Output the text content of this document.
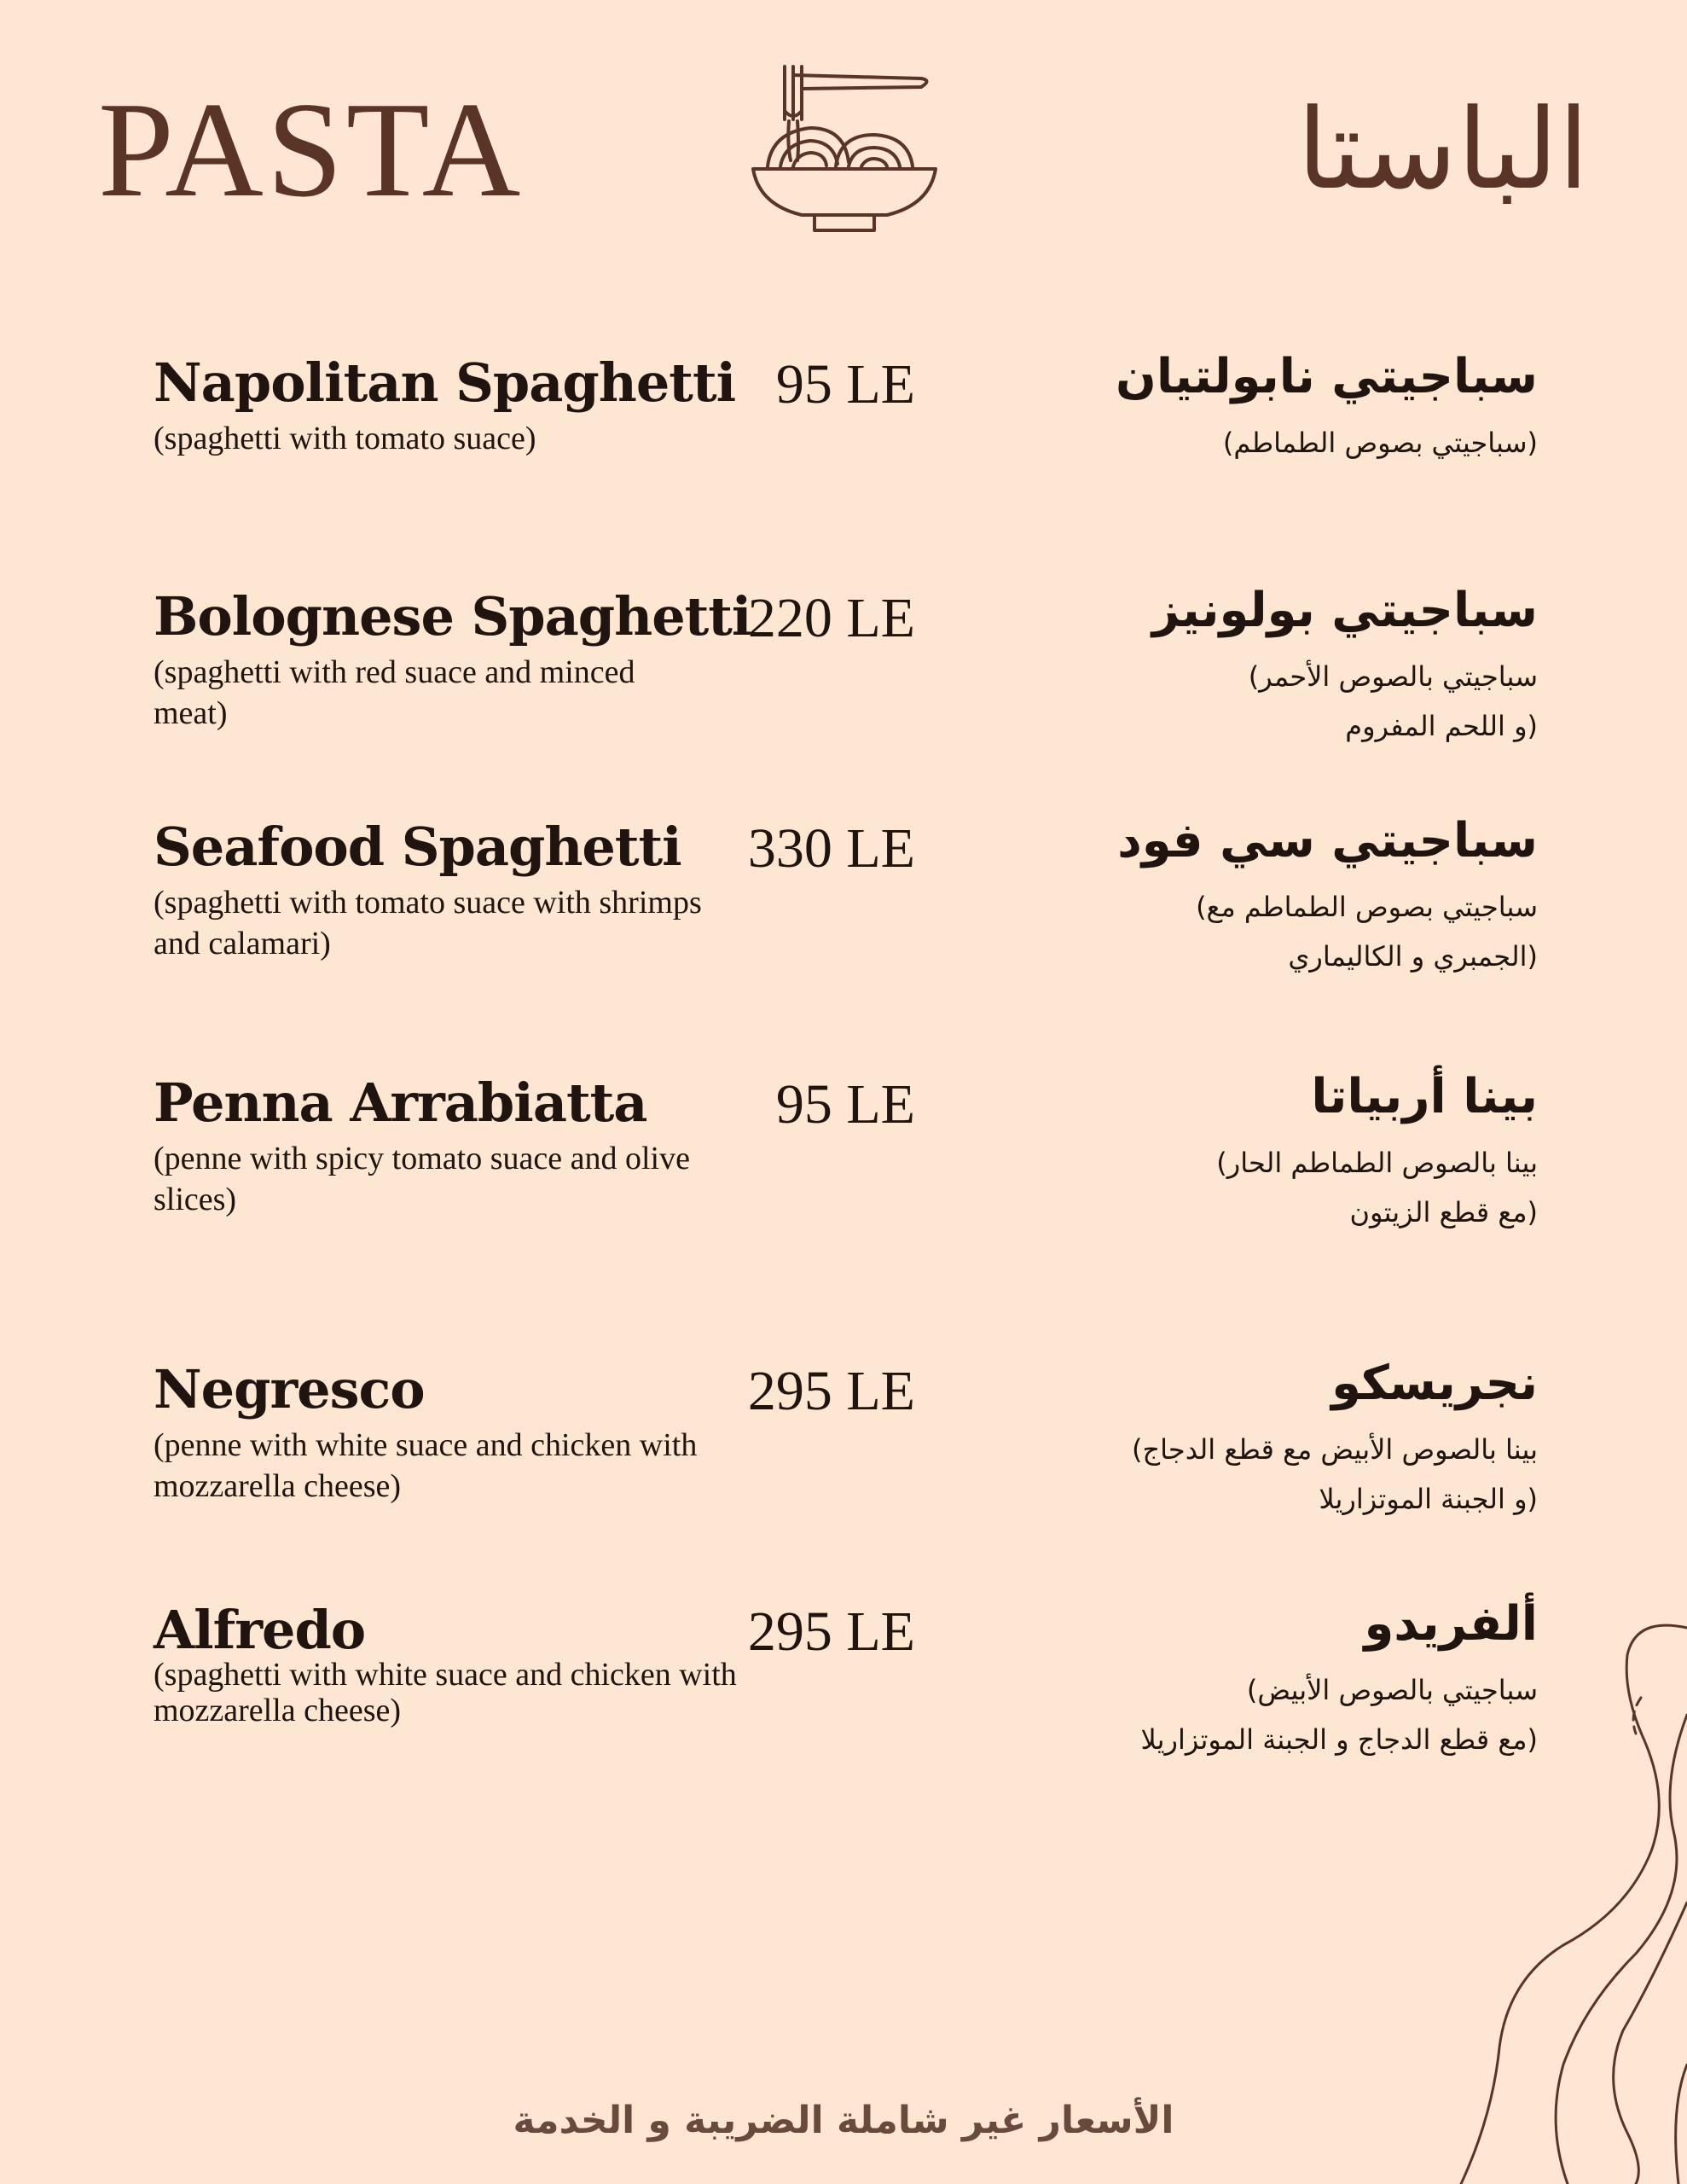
PASTA	الباستا
Napolitan Spaghetti
(spaghetti with tomato suace)
95 LE	سباجيتي نابولتيان
(سباجيتي بصوص الطماطم)
Bolognese Spaghetti
(spaghetti with red suace and minced meat)
220 LE	سباجيتي بولونيز
سباجيتي بالصوص الأحمر)
(و اللحم المفروم
Seafood Spaghetti
(spaghetti with tomato suace with shrimps and calamari)
330 LE	سباجيتي سي فود
سباجيتي بصوص الطماطم مع)
(الجمبري و الكاليماري
Penna Arrabiatta
(penne with spicy tomato suace and olive slices)
95 LE	بينا أربياتا
بينا بالصوص الطماطم الحار)
(مع قطع الزيتون
Negresco
(penne with white suace and chicken with mozzarella cheese)
295 LE	نجريسكو
بينا بالصوص الأبيض مع قطع الدجاج)
(و الجبنة الموتزاريلا
Alfredo
(spaghetti with white suace and chicken with mozzarella cheese)
295 LE	ألفريدو
سباجيتي بالصوص الأبيض)
(مع قطع الدجاج و الجبنة الموتزاريلا
الأسعار غير شاملة الضريبة و الخدمة
